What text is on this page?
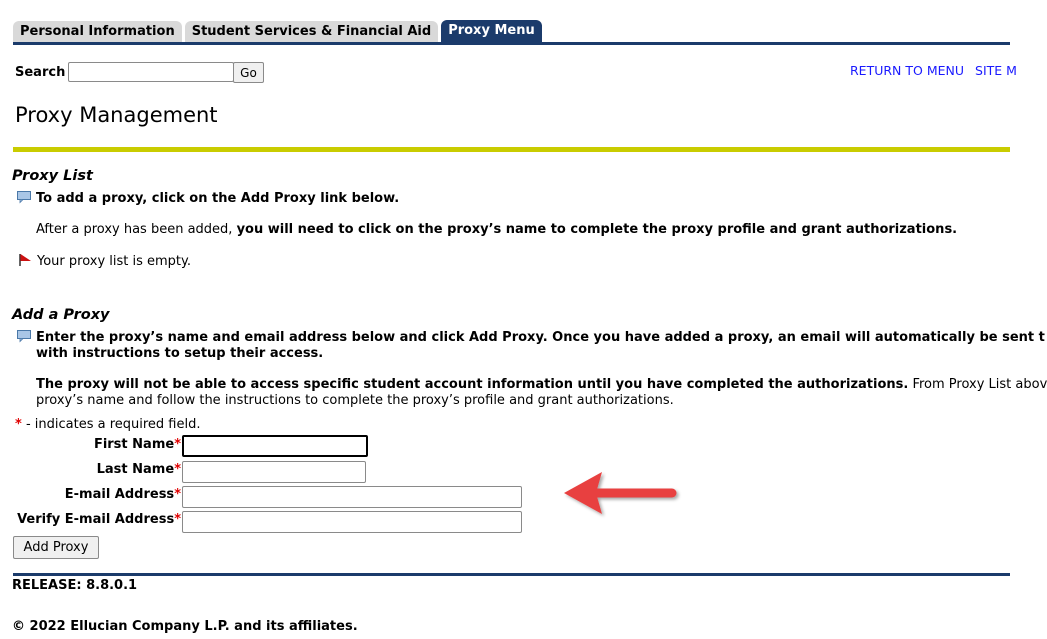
Personal Information	Student Services & Financial Aid	Proxy Menu
Search	Go	RETURN TO MENU SITE M
Proxy Management
Proxy List
To add a proxy, click on the Add Proxy link below.
After a proxy has been added, you will need to click on the proxy’s name to complete the proxy profile and grant authorizations.
Your proxy list is empty.
Add a Proxy
Enter the proxy’s name and email address below and click Add Proxy. Once you have added a proxy, an email will automatically be sent t
with instructions to setup their access.
The proxy will not be able to access specific student account information until you have completed the authorizations. From Proxy List abov
proxy’s name and follow the instructions to complete the proxy’s profile and grant authorizations.
* - indicates a required field.
First Name*
Last Name*
E-mail Address*
Verify E-mail Address*
Add Proxy
RELEASE: 8.8.0.1
© 2022 Ellucian Company L.P. and its affiliates.
